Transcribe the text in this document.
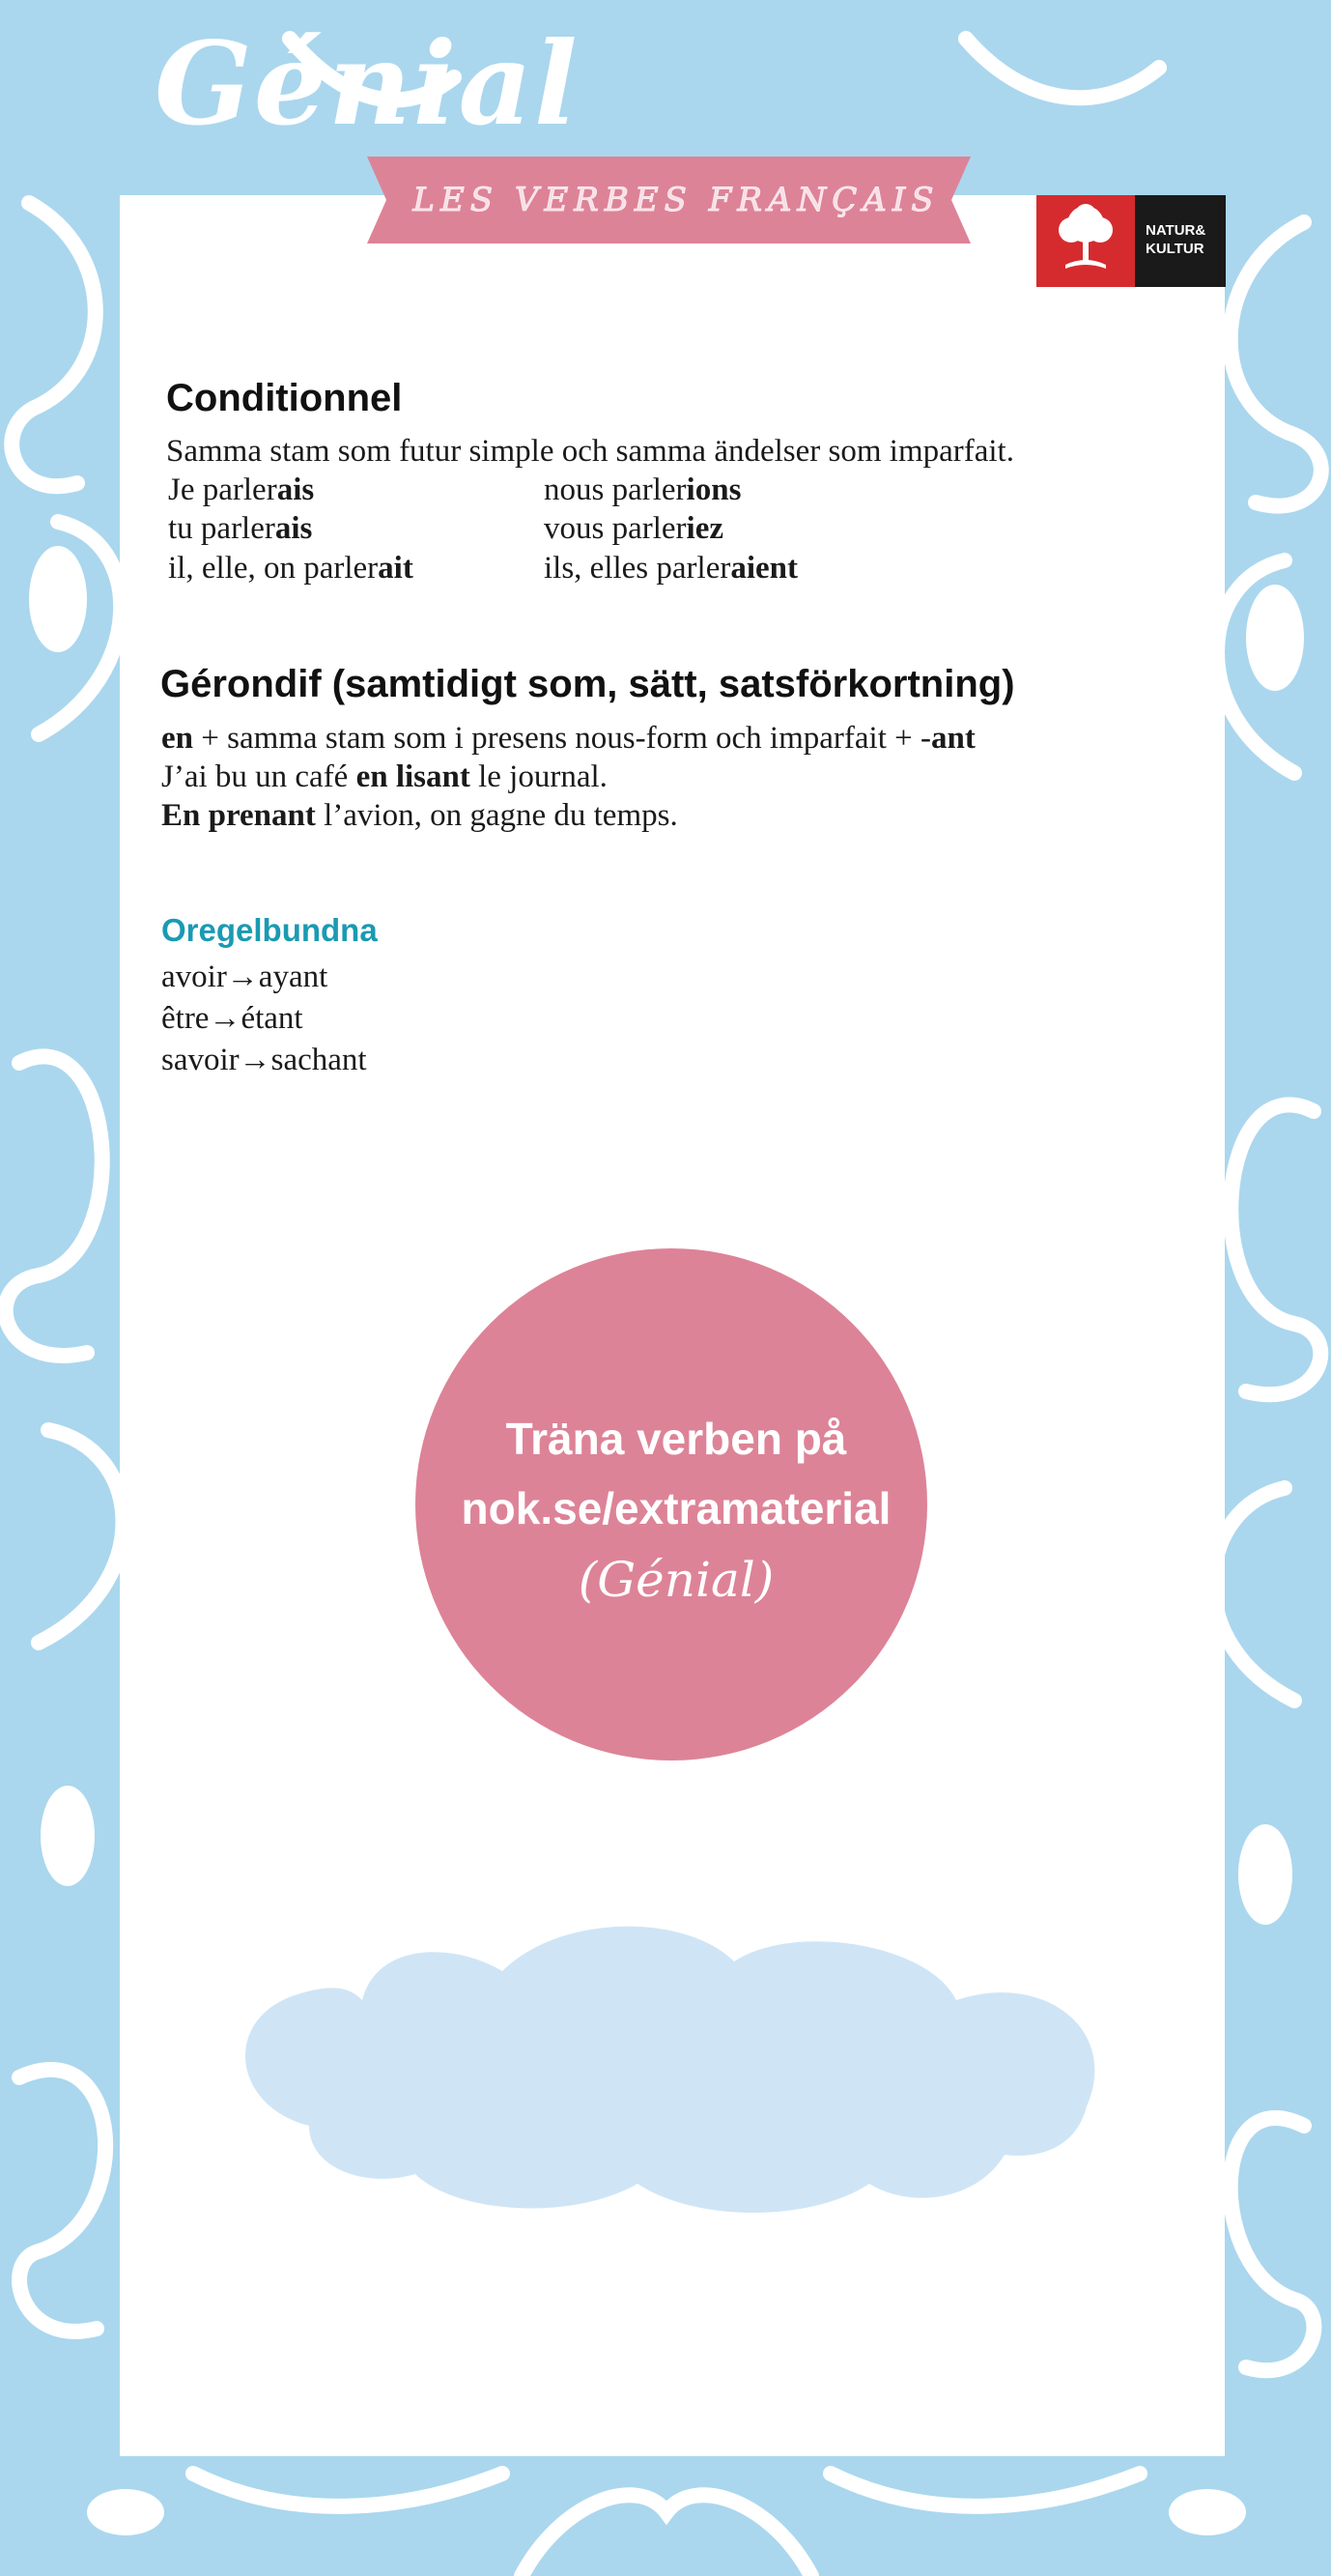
Génial
LES VERBES FRANÇAIS
NATUR&
KULTUR
Conditionnel

Samma stam som futur simple och samma ändelser som imparfait.

Je parlerais	nous parlerions

tu parlerais	vous parleriez

il, elle, on parlerait	ils, elles parleraient

Gérondif (samtidigt som, sätt, satsförkortning)

en + samma stam som i presens nous-form och imparfait + -ant

J’ai bu un café en lisant le journal.

En prenant l’avion, on gagne du temps.

Oregelbundna

avoir→ayant

être→étant

savoir→sachant

Träna verben på
nok.se/extramaterial
(Génial)
